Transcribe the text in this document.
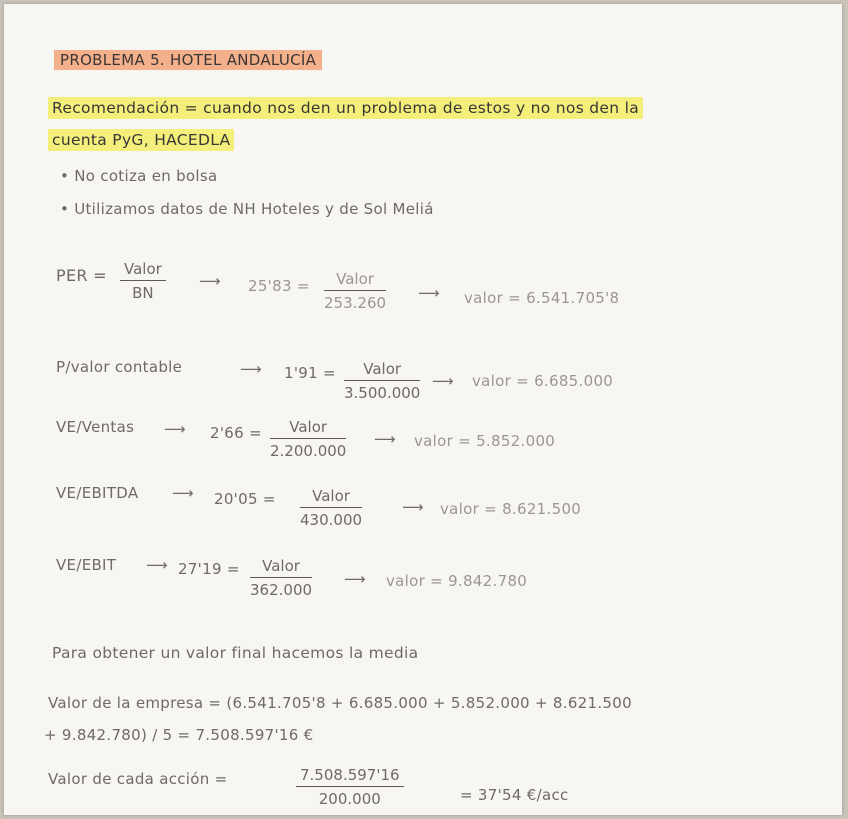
PROBLEMA 5. HOTEL ANDALUCÍA
Recomendación = cuando nos den un problema de estos y no nos den la
cuenta PyG, HACEDLA
• No cotiza en bolsa
• Utilizamos datos de NH Hoteles y de Sol Meliá
PER = Valor
BN
⟶ 25'83 =	Valor
253.260
⟶ valor = 6.541.705'8
P/valor contable	⟶ 1'91 =	Valor
3.500.000
⟶ valor = 6.685.000
VE/Ventas ⟶ 2'66 =	Valor
2.200.000
⟶ valor = 5.852.000
VE/EBITDA ⟶ 20'05 =	Valor
430.000
⟶ valor = 8.621.500
VE/EBIT ⟶ 27'19 =	Valor
362.000
⟶ valor = 9.842.780
Para obtener un valor final hacemos la media
Valor de la empresa = (6.541.705'8 + 6.685.000 + 5.852.000 + 8.621.500
+ 9.842.780) / 5 = 7.508.597'16 €
Valor de cada acción =	7.508.597'16
200.000	= 37'54 €/acc
